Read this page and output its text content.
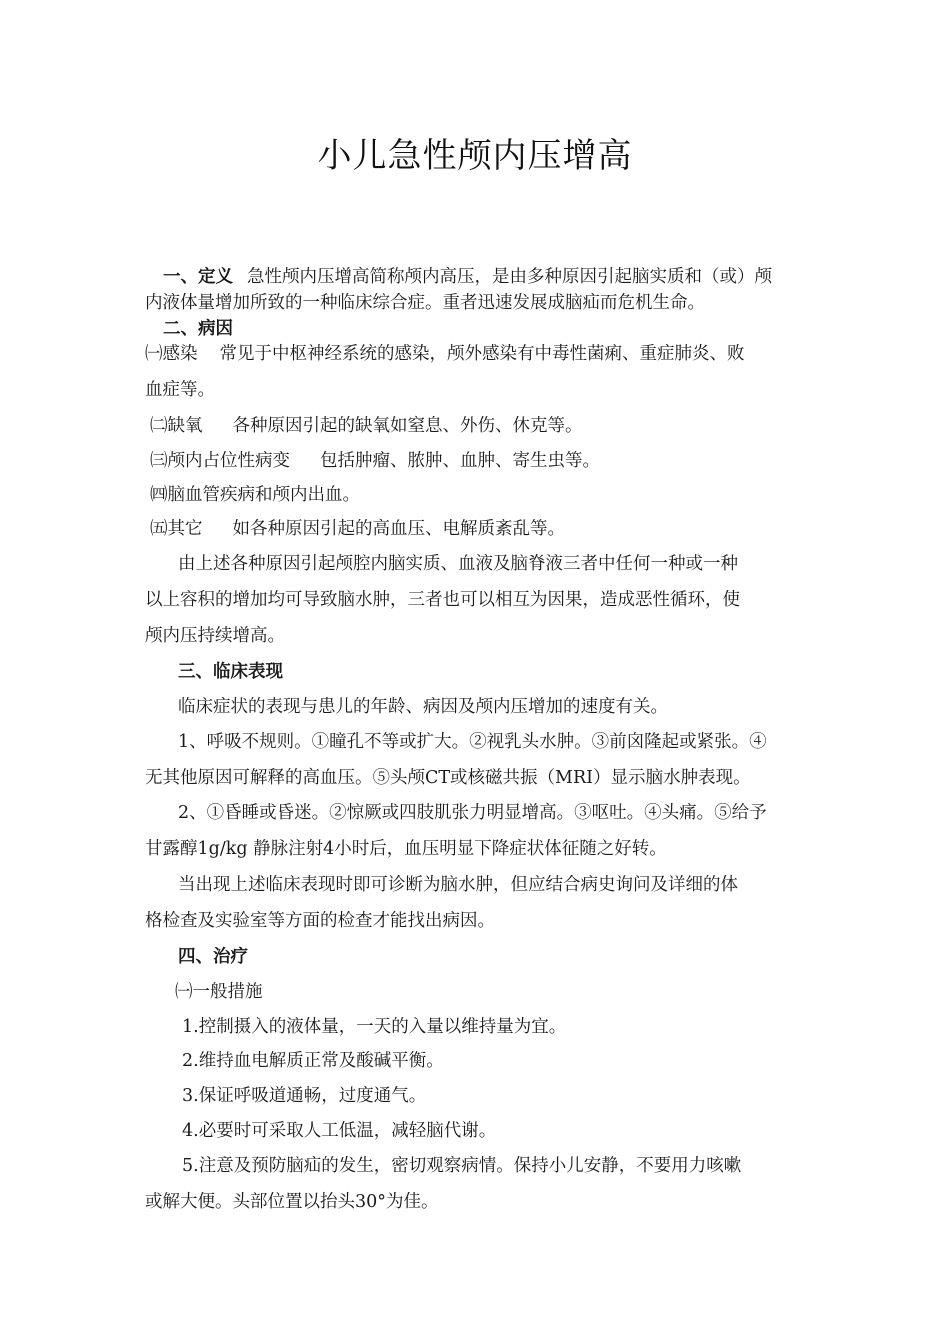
小儿急性颅内压增高
一、定义 急性颅内压增高简称颅内高压，是由多种原因引起脑实质和（或）颅
内液体量增加所致的一种临床综合症。重者迅速发展成脑疝而危机生命。
二、病因
㈠感染 常见于中枢神经系统的感染，颅外感染有中毒性菌痢、重症肺炎、败
血症等。
㈡缺氧 各种原因引起的缺氧如窒息、外伤、休克等。
㈢颅内占位性病变 包括肿瘤、脓肿、血肿、寄生虫等。
㈣脑血管疾病和颅内出血。
㈤其它 如各种原因引起的高血压、电解质紊乱等。
由上述各种原因引起颅腔内脑实质、血液及脑脊液三者中任何一种或一种
以上容积的增加均可导致脑水肿，三者也可以相互为因果，造成恶性循环，使
颅内压持续增高。
三、临床表现
临床症状的表现与患儿的年龄、病因及颅内压增加的速度有关。
1、呼吸不规则。①瞳孔不等或扩大。②视乳头水肿。③前囟隆起或紧张。④
无其他原因可解释的高血压。⑤头颅CT或核磁共振（MRI）显示脑水肿表现。
2、①昏睡或昏迷。②惊厥或四肢肌张力明显增高。③呕吐。④头痛。⑤给予
甘露醇1g/kg 静脉注射4小时后，血压明显下降症状体征随之好转。
当出现上述临床表现时即可诊断为脑水肿，但应结合病史询问及详细的体
格检查及实验室等方面的检查才能找出病因。
四、治疗
㈠一般措施
1.控制摄入的液体量，一天的入量以维持量为宜。
2.维持血电解质正常及酸碱平衡。
3.保证呼吸道通畅，过度通气。
4.必要时可采取人工低温，减轻脑代谢。
5.注意及预防脑疝的发生，密切观察病情。保持小儿安静，不要用力咳嗽
或解大便。头部位置以抬头30°为佳。
